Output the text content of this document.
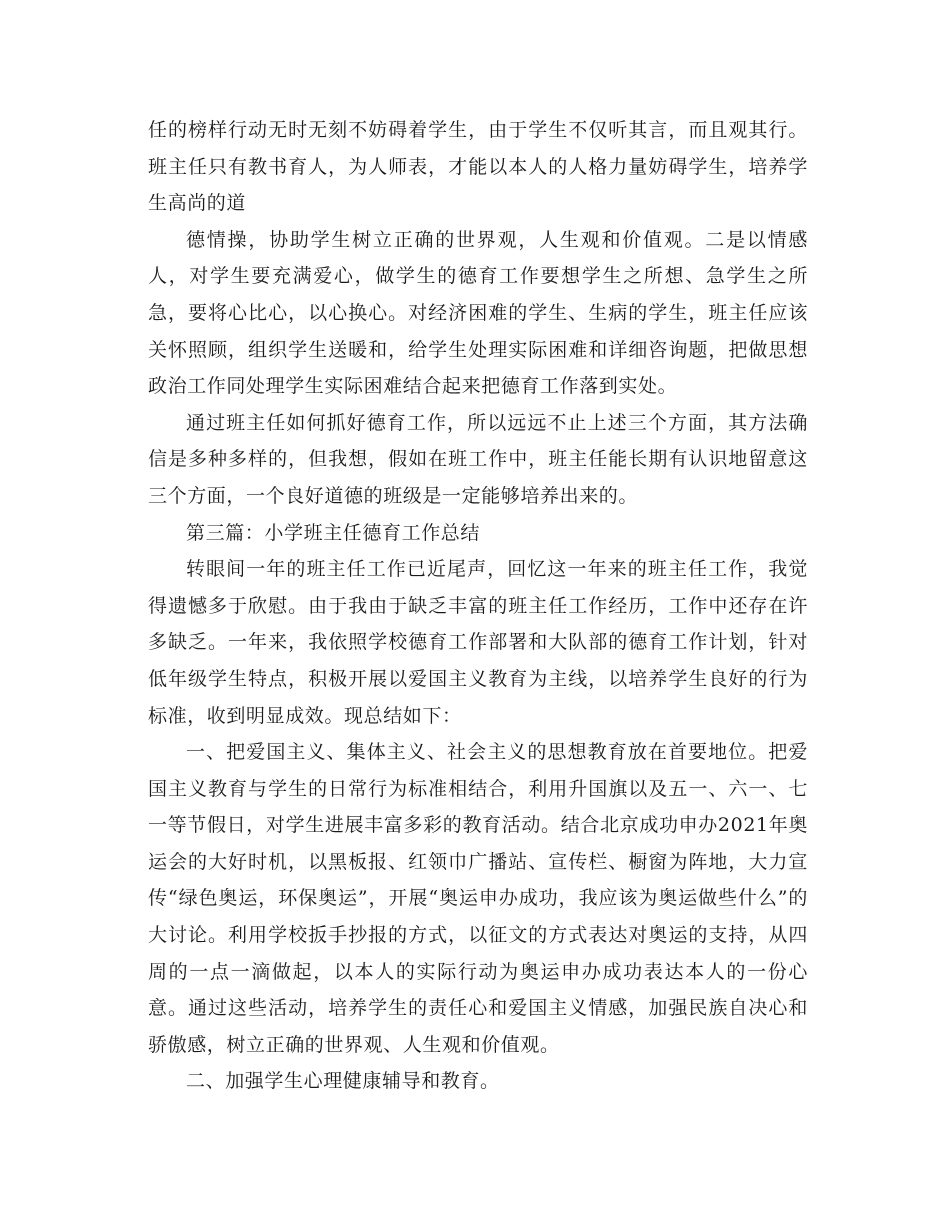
任的榜样行动无时无刻不妨碍着学生，由于学生不仅听其言，而且观其行。班主任只有教书育人，为人师表，才能以本人的人格力量妨碍学生，培养学生高尚的道

德情操，协助学生树立正确的世界观，人生观和价值观。二是以情感人，对学生要充满爱心，做学生的德育工作要想学生之所想、急学生之所急，要将心比心，以心换心。对经济困难的学生、生病的学生，班主任应该关怀照顾，组织学生送暖和，给学生处理实际困难和详细咨询题，把做思想政治工作同处理学生实际困难结合起来把德育工作落到实处。

通过班主任如何抓好德育工作，所以远远不止上述三个方面，其方法确信是多种多样的，但我想，假如在班工作中，班主任能长期有认识地留意这三个方面，一个良好道德的班级是一定能够培养出来的。

第三篇：小学班主任德育工作总结

转眼间一年的班主任工作已近尾声，回忆这一年来的班主任工作，我觉得遗憾多于欣慰。由于我由于缺乏丰富的班主任工作经历，工作中还存在许多缺乏。一年来，我依照学校德育工作部署和大队部的德育工作计划，针对低年级学生特点，积极开展以爱国主义教育为主线，以培养学生良好的行为标准，收到明显成效。现总结如下：

一、把爱国主义、集体主义、社会主义的思想教育放在首要地位。把爱国主义教育与学生的日常行为标准相结合，利用升国旗以及五一、六一、七一等节假日，对学生进展丰富多彩的教育活动。结合北京成功申办2021年奥运会的大好时机，以黑板报、红领巾广播站、宣传栏、橱窗为阵地，大力宣传“绿色奥运，环保奥运”，开展“奥运申办成功，我应该为奥运做些什么”的大讨论。利用学校扳手抄报的方式，以征文的方式表达对奥运的支持，从四周的一点一滴做起，以本人的实际行动为奥运申办成功表达本人的一份心意。通过这些活动，培养学生的责任心和爱国主义情感，加强民族自决心和骄傲感，树立正确的世界观、人生观和价值观。

二、加强学生心理健康辅导和教育。
